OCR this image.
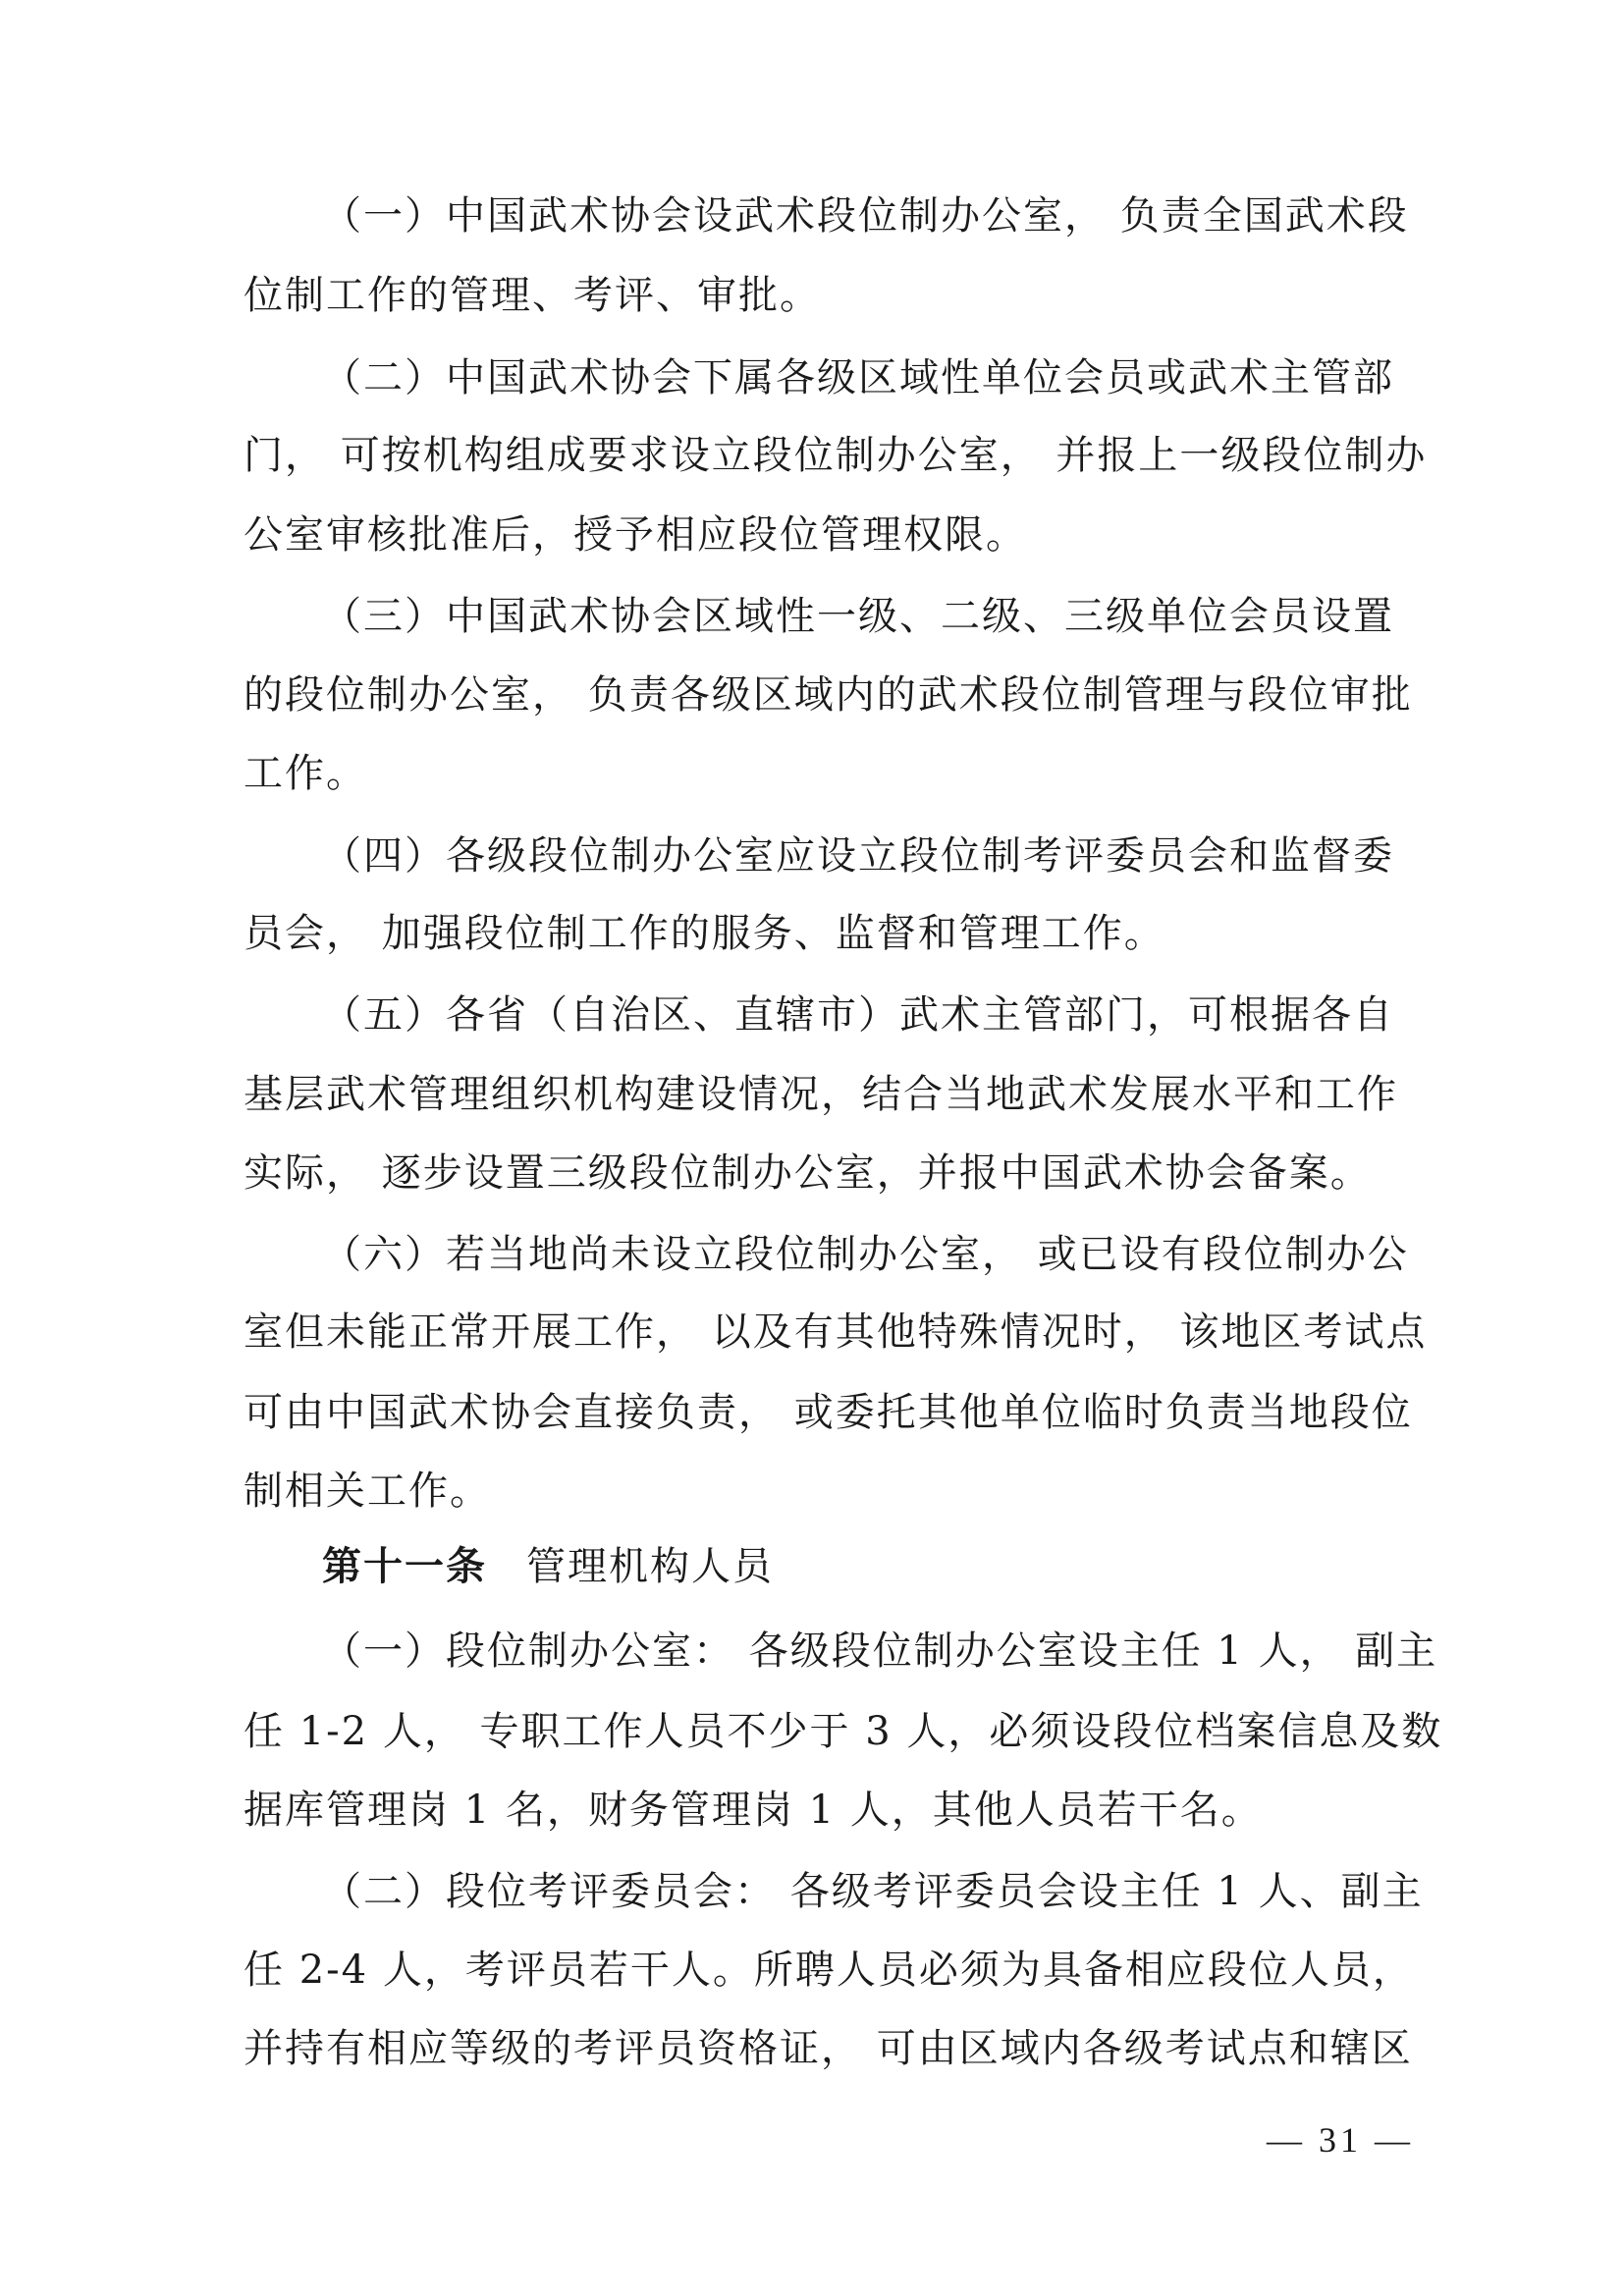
（一）中国武术协会设武术段位制办公室， 负责全国武术段
位制工作的管理、考评、审批。
（二）中国武术协会下属各级区域性单位会员或武术主管部
门， 可按机构组成要求设立段位制办公室， 并报上一级段位制办
公室审核批准后，授予相应段位管理权限。
（三）中国武术协会区域性一级、二级、三级单位会员设置
的段位制办公室， 负责各级区域内的武术段位制管理与段位审批
工作。
（四）各级段位制办公室应设立段位制考评委员会和监督委
员会， 加强段位制工作的服务、监督和管理工作。
（五）各省（自治区、直辖市）武术主管部门，可根据各自
基层武术管理组织机构建设情况，结合当地武术发展水平和工作
实际， 逐步设置三级段位制办公室，并报中国武术协会备案。
（六）若当地尚未设立段位制办公室， 或已设有段位制办公
室但未能正常开展工作， 以及有其他特殊情况时， 该地区考试点
可由中国武术协会直接负责， 或委托其他单位临时负责当地段位
制相关工作。
第十一条 管理机构人员
（一）段位制办公室： 各级段位制办公室设主任 1 人， 副主
任 1-2 人， 专职工作人员不少于 3 人，必须设段位档案信息及数
据库管理岗 1 名，财务管理岗 1 人，其他人员若干名。
（二）段位考评委员会： 各级考评委员会设主任 1 人、副主
任 2-4 人，考评员若干人。所聘人员必须为具备相应段位人员，
并持有相应等级的考评员资格证， 可由区域内各级考试点和辖区
— 31 —
